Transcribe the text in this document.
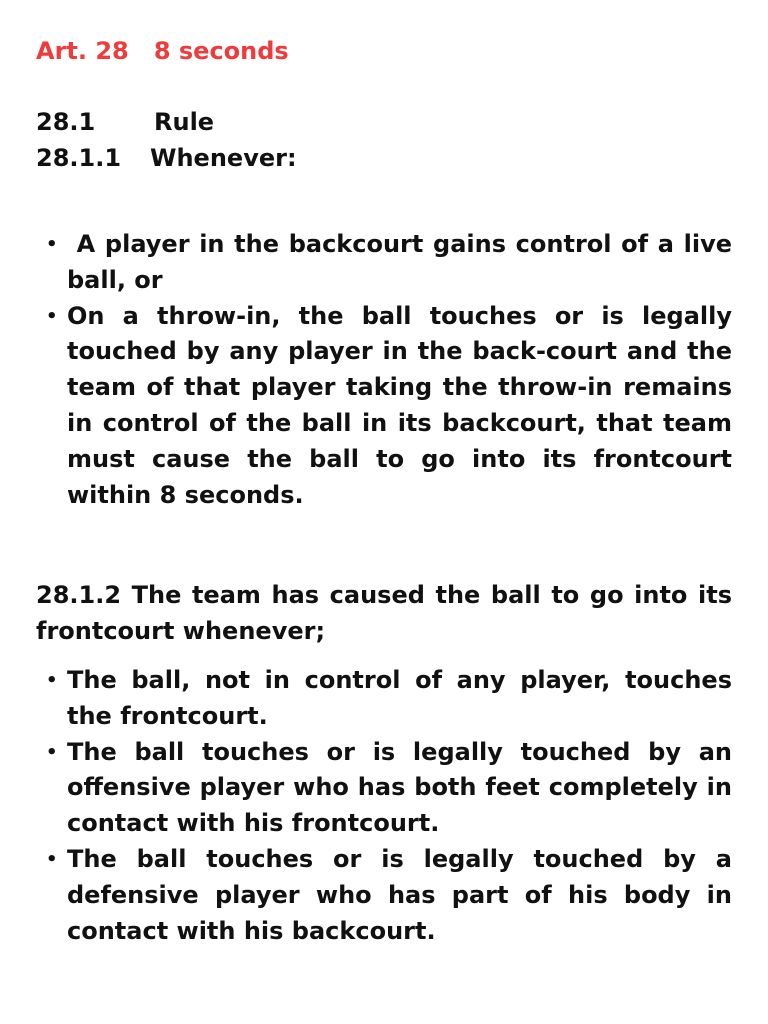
Art. 28   8 seconds
28.1 Rule
28.1.1 Whenever:
• A player in the backcourt gains control of a live ball, or
• On a throw-in, the ball touches or is legally touched by any player in the back-court and the team of that player taking the throw-in remains in control of the ball in its backcourt, that team must cause the ball to go into its frontcourt within 8 seconds.
28.1.2 The team has caused the ball to go into its frontcourt whenever;
• The ball, not in control of any player, touches the frontcourt.
• The ball touches or is legally touched by an offensive player who has both feet completely in contact with his frontcourt.
• The ball touches or is legally touched by a defensive player who has part of his body in contact with his backcourt.
